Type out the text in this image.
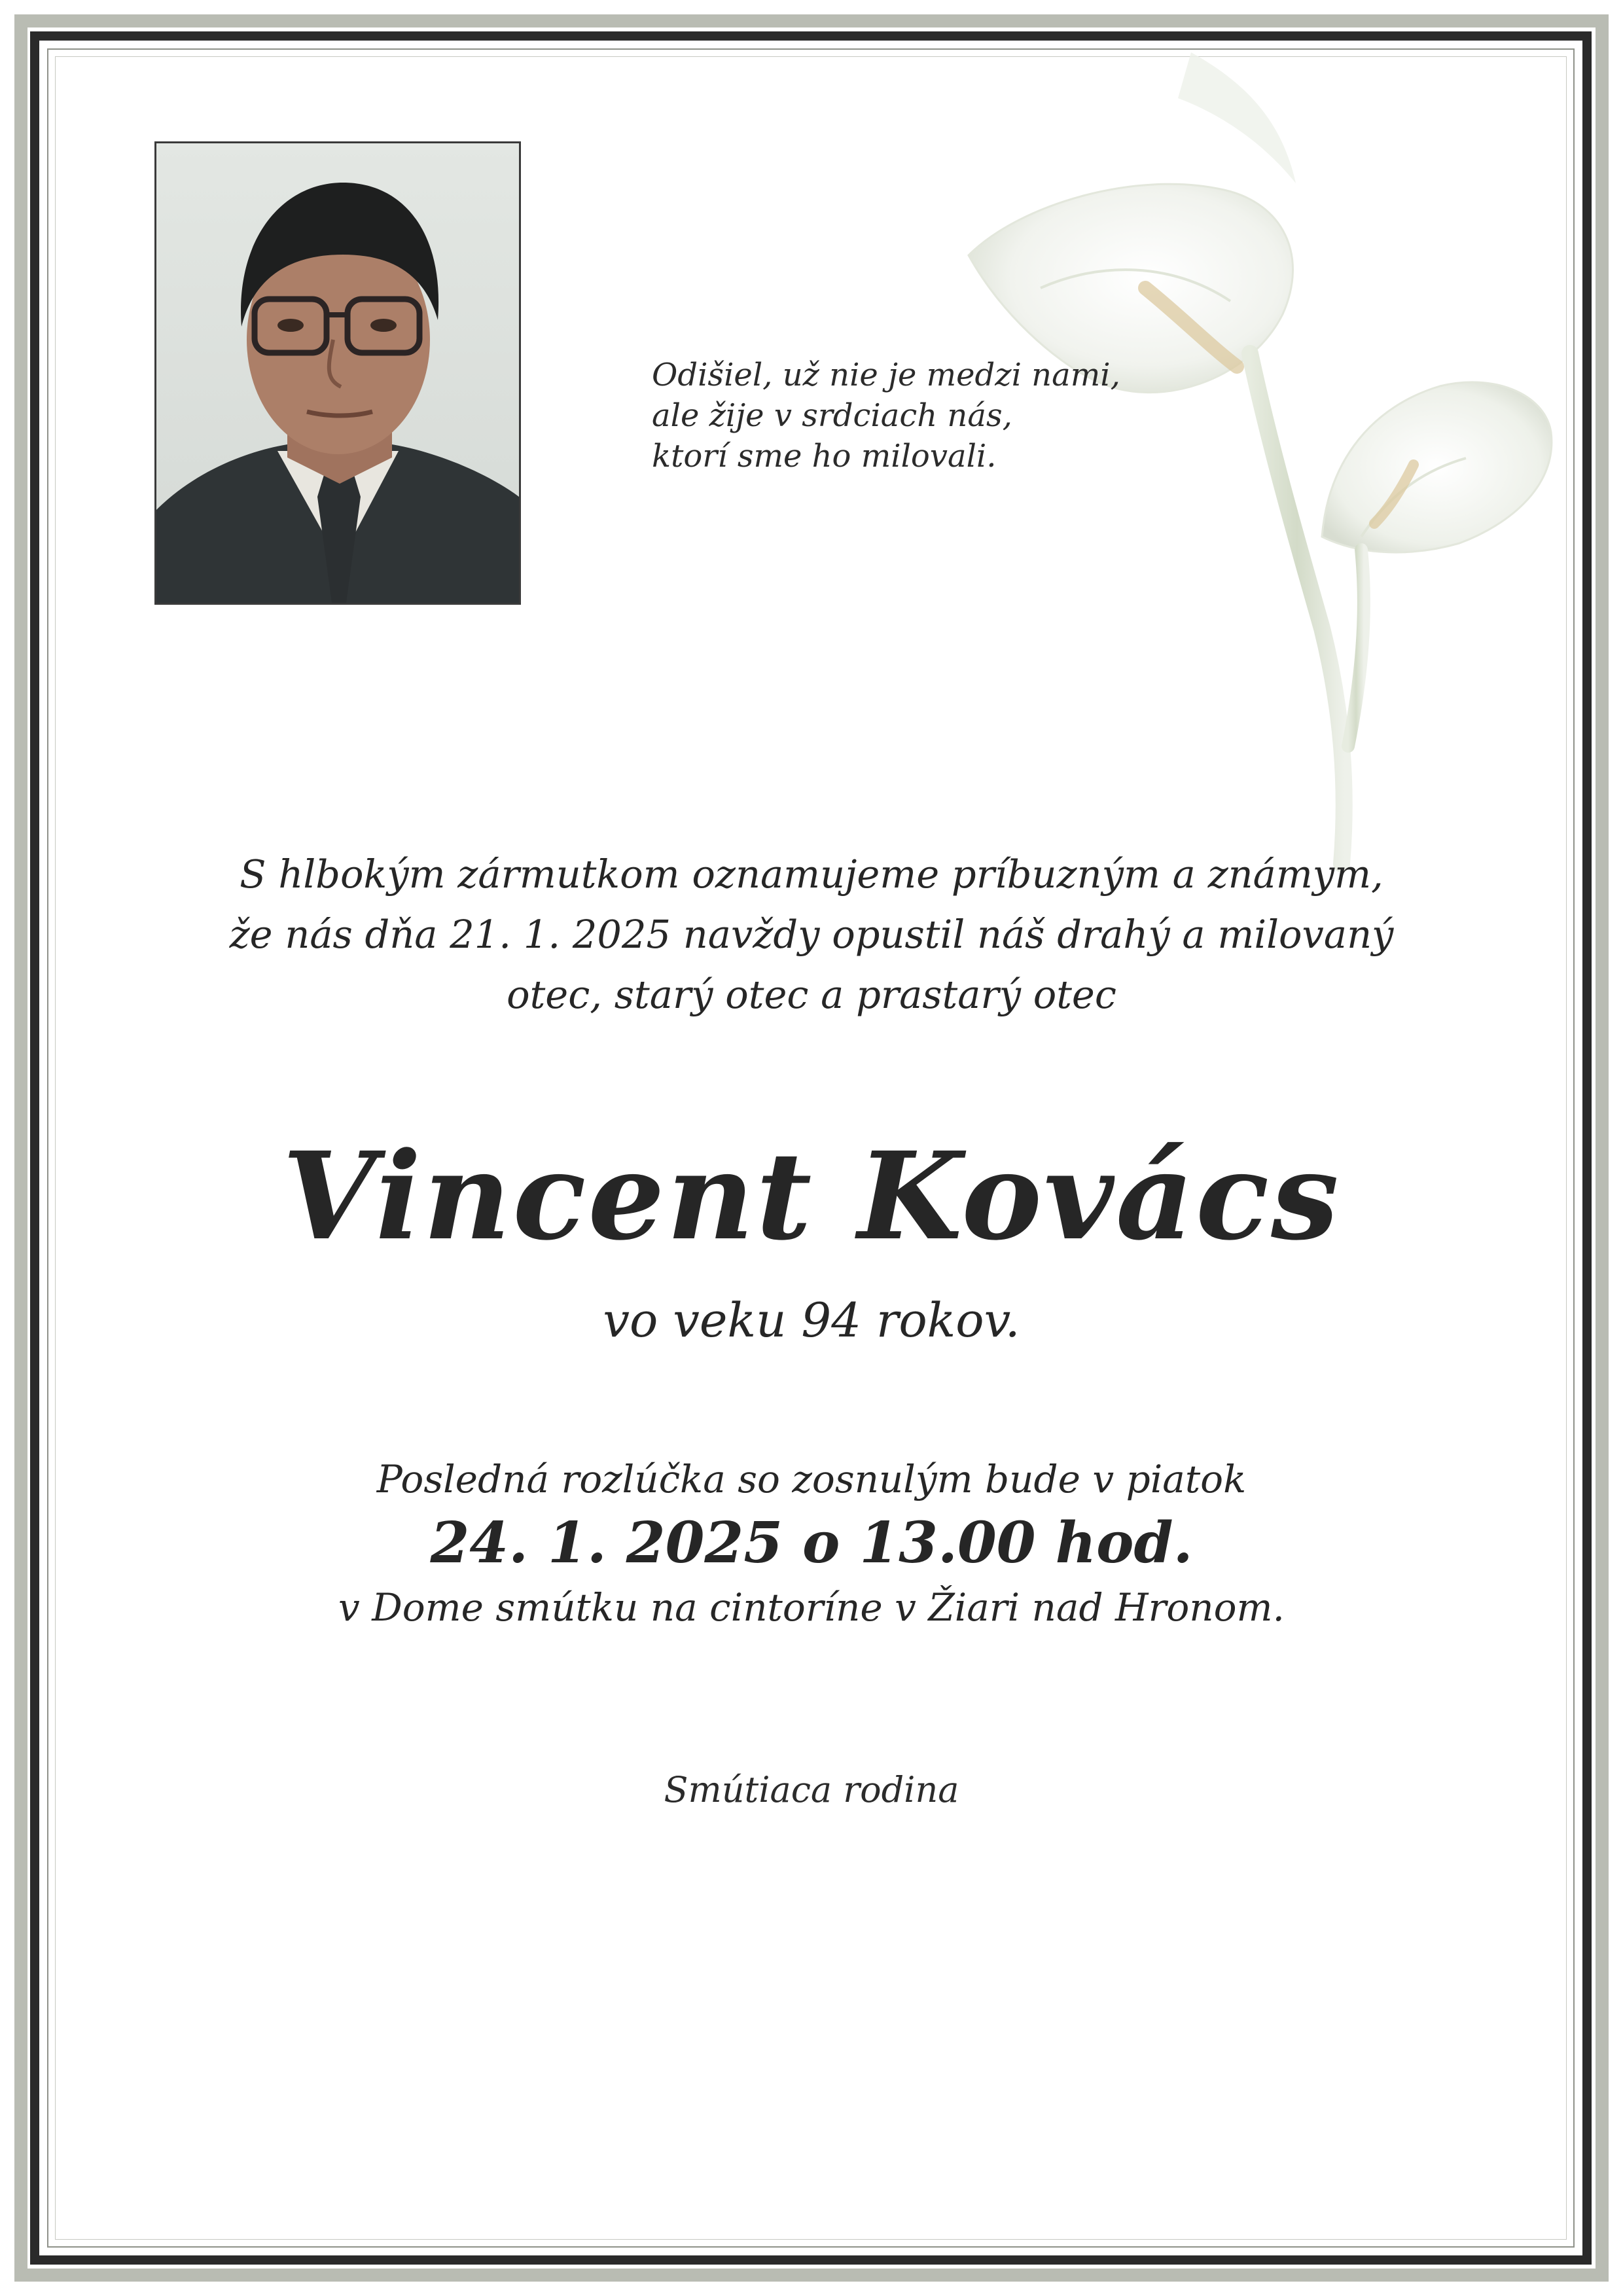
Odišiel, už nie je medzi nami,
ale žije v srdciach nás,
ktorí sme ho milovali.
S hlbokým zármutkom oznamujeme príbuzným a známym,
že nás dňa 21. 1. 2025 navždy opustil náš drahý a milovaný
otec, starý otec a prastarý otec
Vincent Kovács
vo veku 94 rokov.
Posledná rozlúčka so zosnulým bude v piatok
24. 1. 2025 o 13.00 hod.
v Dome smútku na cintoríne v Žiari nad Hronom.
Smútiaca rodina
